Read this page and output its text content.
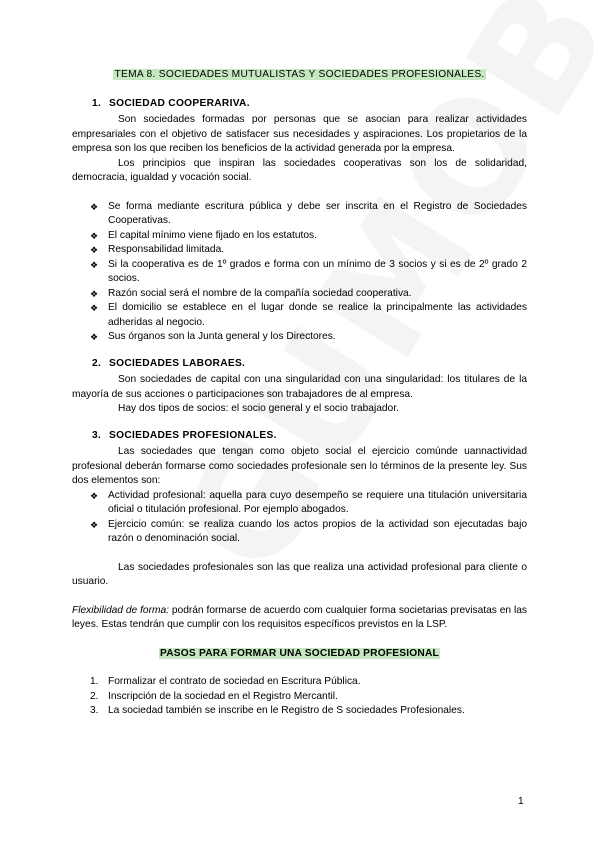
TEMA 8. SOCIEDADES MUTUALISTAS Y SOCIEDADES PROFESIONALES.
1. SOCIEDAD COOPERARIVA.

Son sociedades formadas por personas que se asocian para realizar actividades empresariales con el objetivo de satisfacer sus necesidades y aspiraciones. Los propietarios de la empresa son los que reciben los beneficios de la actividad generada por la empresa.

Los principios que inspiran las sociedades cooperativas son los de solidaridad, democracia, igualdad y vocación social.

❖ Se forma mediante escritura pública y debe ser inscrita en el Registro de Sociedades Cooperativas.
❖ El capital mínimo viene fijado en los estatutos.
❖ Responsabilidad limitada.
❖ Si la cooperativa es de 1º grados e forma con un mínimo de 3 socios y si es de 2º grado 2 socios.
❖ Razón social será el nombre de la compañía sociedad cooperativa.
❖ El domicilio se establece en el lugar donde se realice la principalmente las actividades adheridas al negocio.
❖ Sus órganos son la Junta general y los Directores.
2. SOCIEDADES LABORAES.

Son sociedades de capital con una singularidad con una singularidad: los titulares de la mayoría de sus acciones o participaciones son trabajadores de al empresa.

Hay dos tipos de socios: el socio general y el socio trabajador.

3. SOCIEDADES PROFESIONALES.

Las sociedades que tengan como objeto social el ejercicio comúnde uannactividad profesional deberán formarse como sociedades profesionale sen lo términos de la presente ley. Sus dos elementos son:

❖ Actividad profesional: aquella para cuyo desempeño se requiere una titulación universitaria oficial o titulación profesional. Por ejemplo abogados.
❖ Ejercicio común: se realiza cuando los actos propios de la actividad son ejecutadas bajo razón o denominación social.

Las sociedades profesionales son las que realiza una actividad profesional para cliente o usuario.

Flexibilidad de forma: podrán formarse de acuerdo com cualquier forma societarias previsatas en las leyes. Estas tendrán que cumplir con los requisitos específicos previstos en la LSP.

PASOS PARA FORMAR UNA SOCIEDAD PROFESIONAL
1. Formalizar el contrato de sociedad en Escritura Pública.
2. Inscripción de la sociedad en el Registro Mercantil.
3. La sociedad también se inscribe en le Registro de S sociedades Profesionales.
1
